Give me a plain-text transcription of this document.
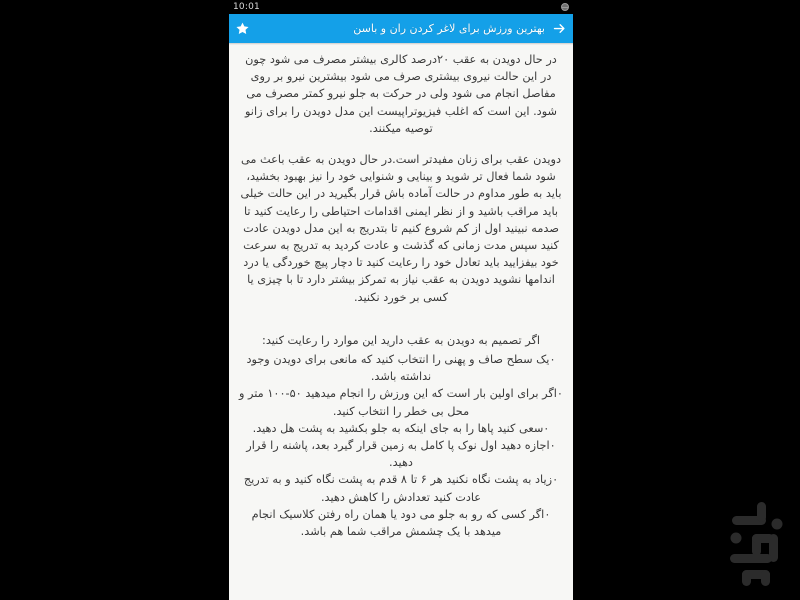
10:01
بهترین ورزش برای لاغر کردن ران و باسن

در حال دویدن به عقب ۲۰درصد کالری بیشتر مصرف می شود چون در این حالت نیروی بیشتری صرف می شود بیشترین نیرو بر روی مفاصل انجام می شود ولی در حرکت به جلو نیرو کمتر مصرف می شود. این است که اغلب فیزیوتراپیست این مدل دویدن را برای زانو توصیه میکنند.

دویدن عقب برای زنان مفیدتر است.در حال دویدن به عقب باعث می شود شما فعال تر شوید و بینایی و شنوایی خود را نیز بهبود بخشید، باید به طور مداوم در حالت آماده باش قرار بگیرید در این حالت خیلی باید مراقب باشید و از نظر ایمنی اقدامات احتیاطی را رعایت کنید تا صدمه نبینید اول از کم شروع کنیم تا بتدریج به این مدل دویدن عادت کنید سپس مدت زمانی که گذشت و عادت کردید به تدریج به سرعت خود بیفزایید باید تعادل خود را رعایت کنید تا دچار پیچ خوردگی یا درد اندامها نشوید دویدن به عقب نیاز به تمرکز بیشتر دارد تا با چیزی یا کسی بر خورد نکنید.

اگر تصمیم به دویدن به عقب دارید این موارد را رعایت کنید:

۰یک سطح صاف و پهنی را انتخاب کنید که مانعی برای دویدن وجود نداشته باشد.
۰اگر برای اولین بار است که این ورزش را انجام میدهید ۵۰-۱۰۰ متر و محل بی خطر را انتخاب کنید.
۰سعی کنید پاها را به جای اینکه به جلو بکشید به پشت هل دهید.
۰اجازه دهید اول نوک پا کامل به زمین قرار گیرد بعد، پاشنه را قرار دهید.
۰زیاد به پشت نگاه نکنید هر ۶ تا ۸ قدم به پشت نگاه کنید و به تدریج عادت کنید تعدادش را کاهش دهید.
۰اگر کسی که رو به جلو می دود یا همان راه رفتن کلاسیک انجام میدهد با یک چشمش مراقب شما هم باشد.
